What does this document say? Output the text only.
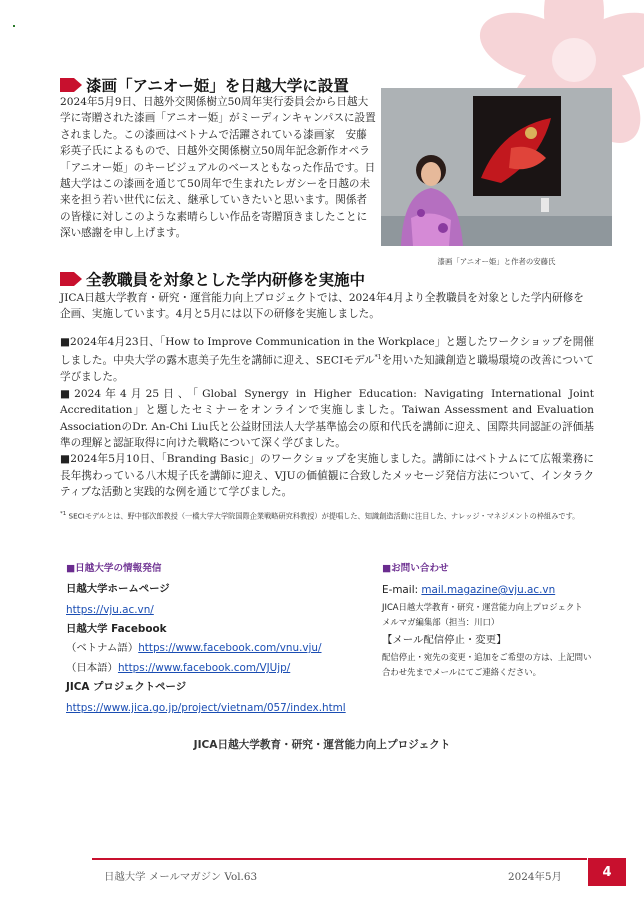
漆画「アニオー姫」を日越大学に設置

2024年5月9日、日越外交関係樹立50周年実行委員会から日越大学に寄贈された漆画「アニオー姫」がミーディンキャンパスに設置されました。この漆画はベトナムで活躍されている漆画家　安藤彩英子氏によるもので、日越外交関係樹立50周年記念新作オペラ「アニオー姫」のキービジュアルのベースともなった作品です。日越大学はこの漆画を通じて50周年で生まれたレガシーを日越の未来を担う若い世代に伝え、継承していきたいと思います。関係者の皆様に対しこのような素晴らしい作品を寄贈頂きましたことに深い感謝を申し上げます。

漆画「アニオー姫」と作者の安藤氏
全教職員を対象とした学内研修を実施中

JICA日越大学教育・研究・運営能力向上プロジェクトでは、2024年4月より全教職員を対象とした学内研修を企画、実施しています。4月と5月には以下の研修を実施しました。

■2024年4月23日、「How to Improve Communication in the Workplace」と題したワークショップを開催しました。中央大学の露木恵美子先生を講師に迎え、SECIモデル$^{*1}$を用いた知識創造と職場環境の改善について学びました。
■2024年4月25日、「Global Synergy in Higher Education: Navigating International Joint Accreditation」と題したセミナーをオンラインで実施しました。Taiwan Assessment and Evaluation AssociationのDr. An-Chi Liu氏と公益財団法人大学基準協会の原和代氏を講師に迎え、国際共同認証の評価基準の理解と認証取得に向けた戦略について深く学びました。
■2024年5月10日、「Branding Basic」のワークショップを実施しました。講師にはベトナムにて広報業務に長年携わっている八木規子氏を講師に迎え、VJUの価値観に合致したメッセージ発信方法について、インタラクティブな活動と実践的な例を通じて学びました。
$^{*1}$ SECIモデルとは、野中郁次郎教授（一橋大学大学院国際企業戦略研究科教授）が提唱した、知識創造活動に注目した、ナレッジ・マネジメントの枠組みです。
■日越大学の情報発信
日越大学ホームページ
https://vju.ac.vn/
日越大学 Facebook
（ベトナム語）https://www.facebook.com/vnu.vju/
（日本語）https://www.facebook.com/VJUjp/
JICA プロジェクトページ
https://www.jica.go.jp/project/vietnam/057/index.html
■お問い合わせ
E-mail: mail.magazine@vju.ac.vn
JICA日越大学教育・研究・運営能力向上プロジェクト　メルマガ編集部（担当：川口）
【メール配信停止・変更】
配信停止・宛先の変更・追加をご希望の方は、上記問い合わせ先までメールにてご連絡ください。
JICA日越大学教育・研究・運営能力向上プロジェクト
日越大学 メールマガジン Vol.63	2024年5月	4
